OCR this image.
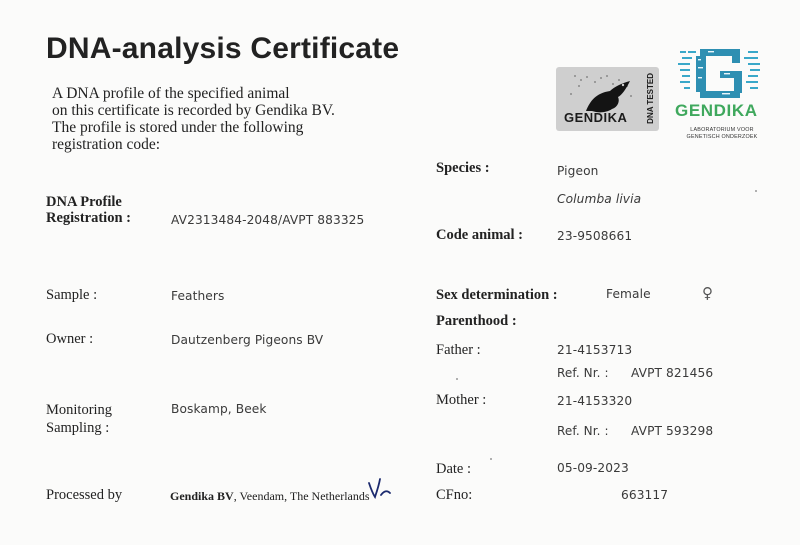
DNA-analysis Certificate
A DNA profile of the specified animal
on this certificate is recorded by Gendika BV.
The profile is stored under the following
registration code:
GENDIKA DNA TESTED GENDIKA
LABORATORIUM VOOR
GENETISCH ONDERZOEK
DNA Profile
Registration :	AV2313484-2048/AVPT 883325
Sample :	Feathers
Owner :	Dautzenberg Pigeons BV
Monitoring
Sampling :
Boskamp, Beek
Processed by	Gendika BV, Veendam, The Netherlands
Species :	Pigeon
Columba livia
Code animal :	23-9508661
Sex determination :	Female	♀
Parenthood :
Father :	21-4153713
Ref. Nr. : AVPT 821456
Mother :	21-4153320
Ref. Nr. : AVPT 593298
Date :	05-09-2023
CFno:	663117
